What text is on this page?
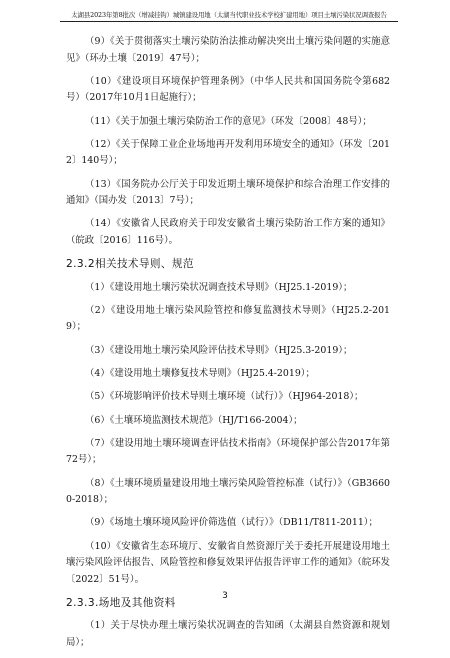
太湖县2023年第8批次（增减挂钩）城镇建设用地（太湖当代职业技术学校扩建用地）项目土壤污染状况调查报告

（9）《关于贯彻落实土壤污染防治法推动解决突出土壤污染问题的实施意见》（环办土壤〔2019〕47号）；

（10）《建设项目环境保护管理条例》（中华人民共和国国务院令第682号）（2017年10月1日起施行）；

（11）《关于加强土壤污染防治工作的意见》（环发〔2008〕48号）；

（12）《关于保障工业企业场地再开发利用环境安全的通知》（环发〔2012〕140号）；

（13）《国务院办公厅关于印发近期土壤环境保护和综合治理工作安排的通知》（国办发〔2013〕7号）；

（14）《安徽省人民政府关于印发安徽省土壤污染防治工作方案的通知》（皖政〔2016〕116号）。

2.3.2相关技术导则、规范

（1）《建设用地土壤污染状况调查技术导则》（HJ25.1-2019）；

（2）《建设用地土壤污染风险管控和修复监测技术导则》（HJ25.2-2019）；

（3）《建设用地土壤污染风险评估技术导则》（HJ25.3-2019）；

（4）《建设用地土壤修复技术导则》（HJ25.4-2019）；

（5）《环境影响评价技术导则土壤环境（试行）》（HJ964-2018）；

（6）《土壤环境监测技术规范》（HJ/T166-2004）；

（7）《建设用地土壤环境调查评估技术指南》（环境保护部公告2017年第72号）；

（8）《土壤环境质量建设用地土壤污染风险管控标准（试行）》（GB36600-2018）；

（9）《场地土壤环境风险评价筛选值（试行）》（DB11/T811-2011）；

（10）《安徽省生态环境厅、安徽省自然资源厅关于委托开展建设用地土壤污染风险评估报告、风险管控和修复效果评估报告评审工作的通知》（皖环发〔2022〕51号）。

2.3.3.场地及其他资料

（1）关于尽快办理土壤污染状况调查的告知函（太湖县自然资源和规划局）；

3
